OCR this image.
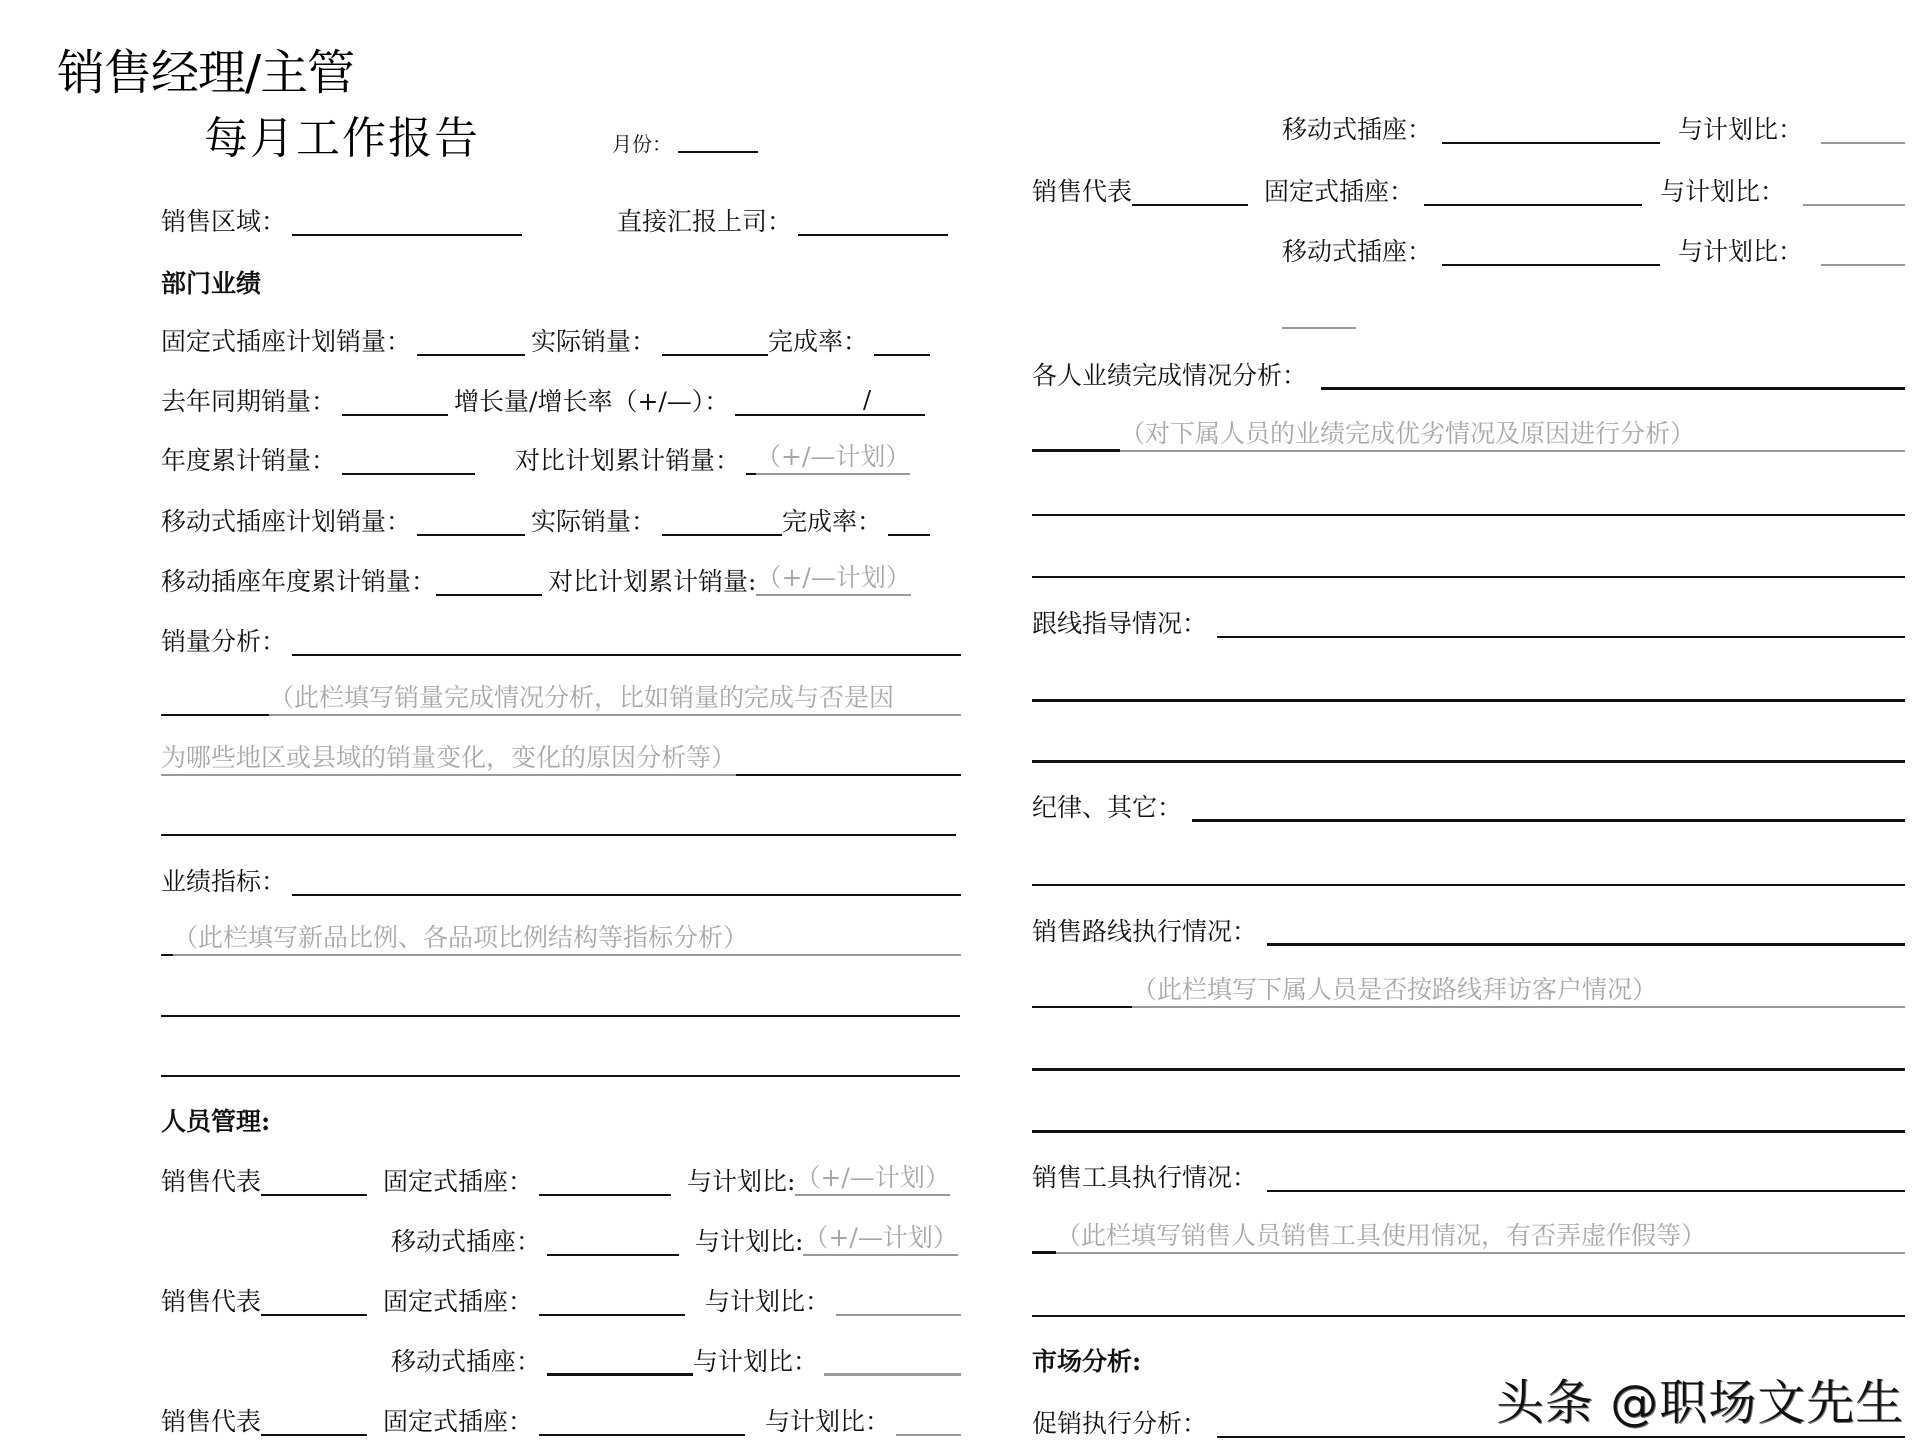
销售经理/主管
每月工作报告	月份：
销售区域：	直接汇报上司：
部门业绩
固定式插座计划销量：	实际销量：	完成率：
去年同期销量：	增长量/增长率（+/—）：	/
年度累计销量：	对比计划累计销量： （+/—计划）
移动式插座计划销量：	实际销量：	完成率：
移动插座年度累计销量：	对比计划累计销量: （+/—计划）
销量分析：
（此栏填写销量完成情况分析，比如销量的完成与否是因
为哪些地区或县域的销量变化，变化的原因分析等）
业绩指标：
（此栏填写新品比例、各品项比例结构等指标分析）
人员管理:
销售代表	固定式插座：	与计划比: （+/—计划）
移动式插座：	与计划比: （+/—计划）
销售代表	固定式插座：	与计划比：
移动式插座：	与计划比：
销售代表	固定式插座：	与计划比：
移动式插座：	与计划比：
销售代表	固定式插座：	与计划比：
移动式插座：	与计划比：
各人业绩完成情况分析：
（对下属人员的业绩完成优劣情况及原因进行分析）
跟线指导情况：
纪律、其它：
销售路线执行情况：
（此栏填写下属人员是否按路线拜访客户情况）
销售工具执行情况：
（此栏填写销售人员销售工具使用情况，有否弄虚作假等）
市场分析:
促销执行分析：	头条 @职场文先生
